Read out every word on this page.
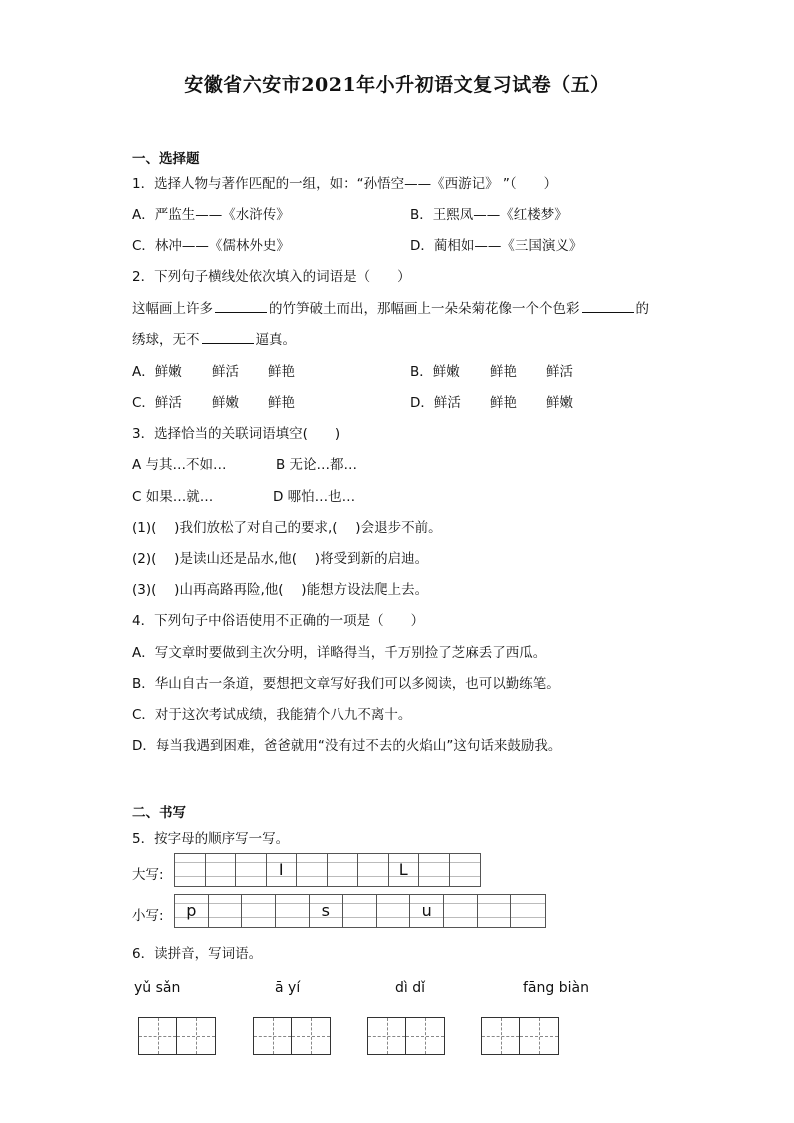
安徽省六安市2021年小升初语文复习试卷（五）
一、选择题
1．选择人物与著作匹配的一组，如：“孙悟空——《西游记》 ”（　　）
A．严监生——《水浒传》	B．王熙凤——《红楼梦》
C．林冲——《儒林外史》	D．蔺相如——《三国演义》
2．下列句子横线处依次填入的词语是（　　）
这幅画上许多	的竹笋破土而出，那幅画上一朵朵菊花像一个个色彩	的
绣球，无不	逼真。
A．鲜嫩 鲜活 鲜艳	B．鲜嫩 鲜艳 鲜活
C．鲜活 鲜嫩 鲜艳	D．鲜活 鲜艳 鲜嫩
3．选择恰当的关联词语填空(　　)
A 与其…不如…	B 无论…都…
C 如果…就…	D 哪怕…也…
(1)(　 )我们放松了对自己的要求,(　 )会退步不前。
(2)(　 )是读山还是品水,他(　 )将受到新的启迪。
(3)(　 )山再高路再险,他(　 )能想方设法爬上去。
4．下列句子中俗语使用不正确的一项是（　　）
A．写文章时要做到主次分明，详略得当，千万别捡了芝麻丢了西瓜。
B．华山自古一条道，要想把文章写好我们可以多阅读，也可以勤练笔。
C．对于这次考试成绩，我能猜个八九不离十。
D．每当我遇到困难，爸爸就用“没有过不去的火焰山”这句话来鼓励我。
二、书写
5．按字母的顺序写一写。
大写:	I	L
小写:	p	s	u
6．读拼音，写词语。
yǔ sǎn	ā yí	dì dǐ	fāng biàn
